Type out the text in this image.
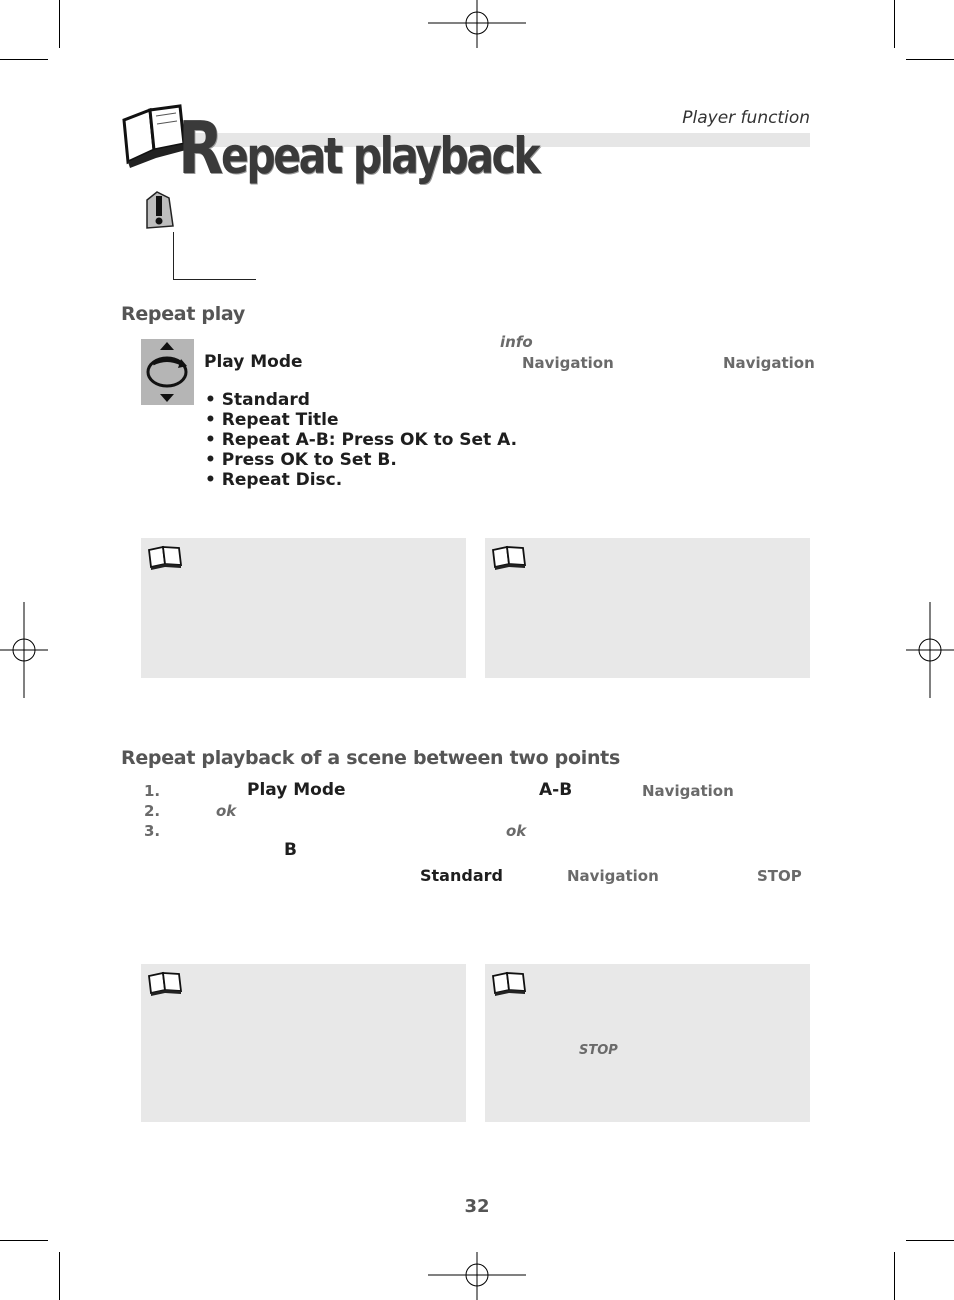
Player function
Repeat playback
Repeat play
info
Play Mode	Navigation	Navigation
• Standard
• Repeat Title
• Repeat A-B: Press OK to Set A.
• Press OK to Set B.
• Repeat Disc.
Repeat playback of a scene between two points
1.	Play Mode	A-B	Navigation
2.	ok
3.	ok
B
Standard	Navigation	STOP
STOP
32
